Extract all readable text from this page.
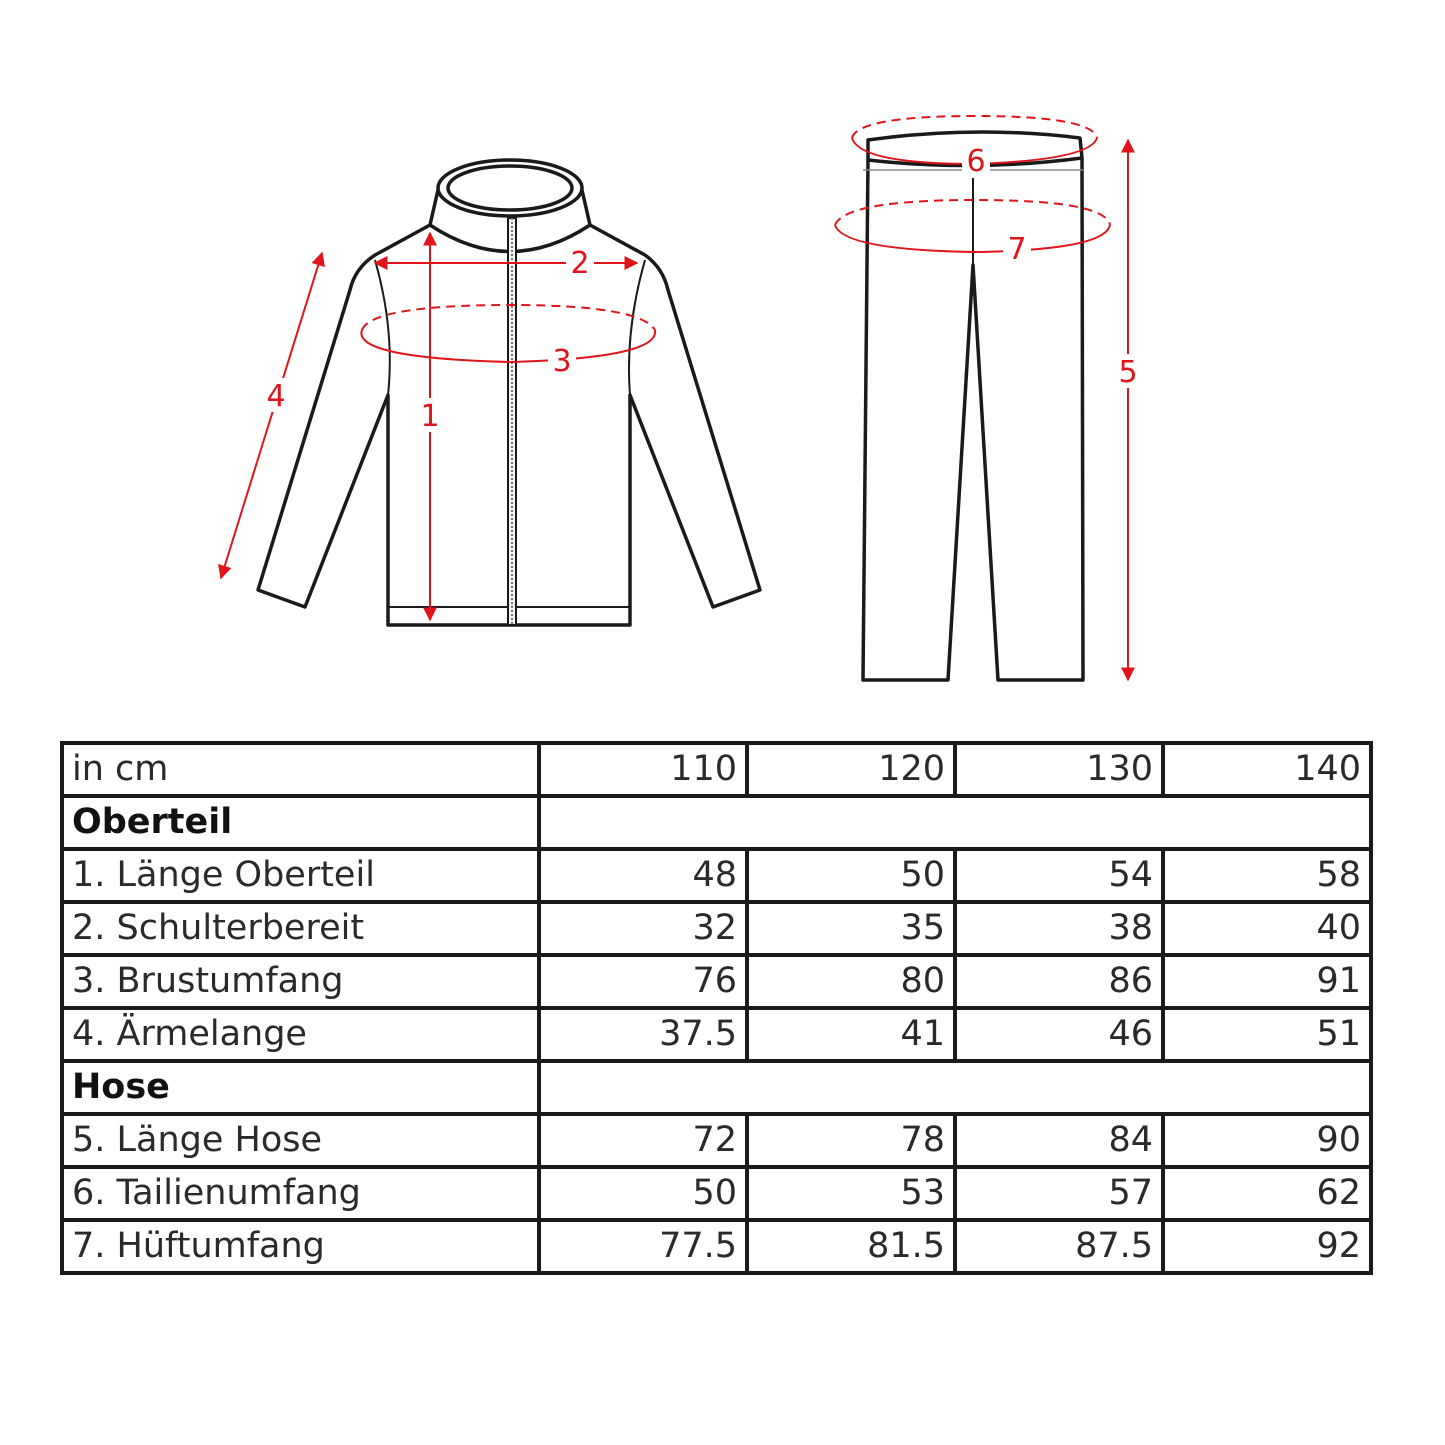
1
2
3
4
6
7
5
in cm	110	120	130	140
Oberteil				
1. Länge Oberteil	48	50	54	58
2. Schulterbereit	32	35	38	40
3. Brustumfang	76	80	86	91
4. Ärmelange	37.5	41	46	51
Hose				
5. Länge Hose	72	78	84	90
6. Tailienumfang	50	53	57	62
7. Hüftumfang	77.5	81.5	87.5	92
